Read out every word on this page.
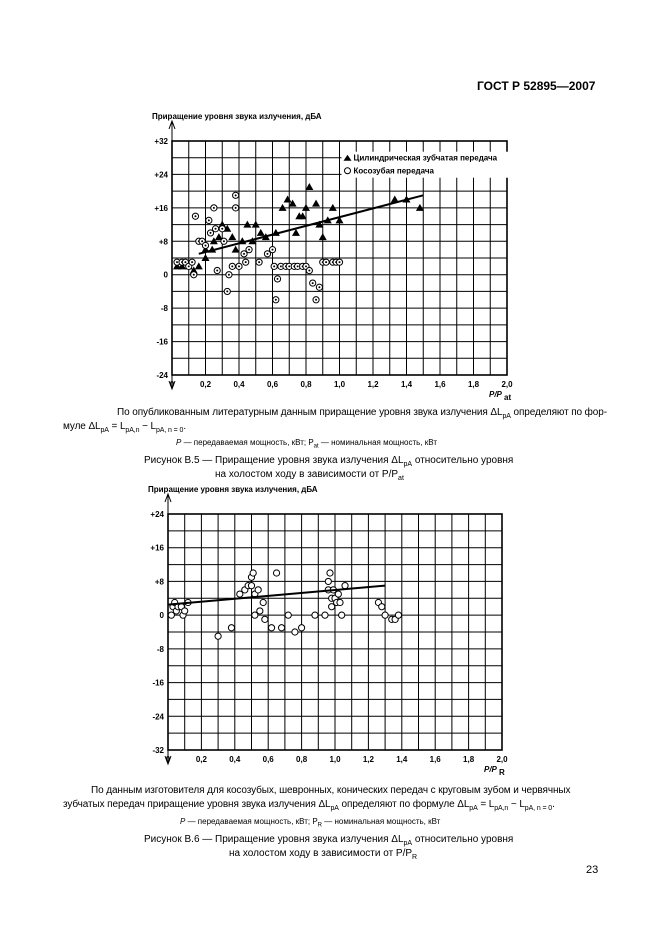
ГОСТ Р 52895—2007

+32
+24
+16
+8
0
-8
-16
-24
0	0,2	0,4	0,6	0,8	1,0	1,2	1,4	1,6	1,8	2,0
Приращение уровня звука излучения, дБА
P/P at
Цилиндрическая зубчатая передача
Косозубая передача

По опубликованным литературным данным приращение уровня звука излучения $\Delta L_{pA}$ определяют по фор-

муле $\Delta L_{pA} = L_{pA,n} - L_{pA, n = 0}$.

P — передаваемая мощность, кВт; $P_{at}$ — номинальная мощность, кВт

Рисунок В.5 — Приращение уровня звука излучения $\Delta L_{pA}$ относительно уровня

на холостом ходу в зависимости от $P/P_{at}$

+24
+16
+8
0
-8
-16
-24
-32
0	0,2	0,4	0,6	0,8	1,0	1,2	1,4	1,6	1,8	2,0
Приращение уровня звука излучения, дБА
P/P R

По данным изготовителя для косозубых, шевронных, конических передач с круговым зубом и червячных

зубчатых передач приращение уровня звука излучения $\Delta L_{pA}$ определяют по формуле $\Delta L_{pA} = L_{pA,n} - L_{pA, n = 0}$.

P — передаваемая мощность, кВт; $P_R$ — номинальная мощность, кВт

Рисунок В.6 — Приращение уровня звука излучения $\Delta L_{pA}$ относительно уровня

на холостом ходу в зависимости от $P/P_R$

23
